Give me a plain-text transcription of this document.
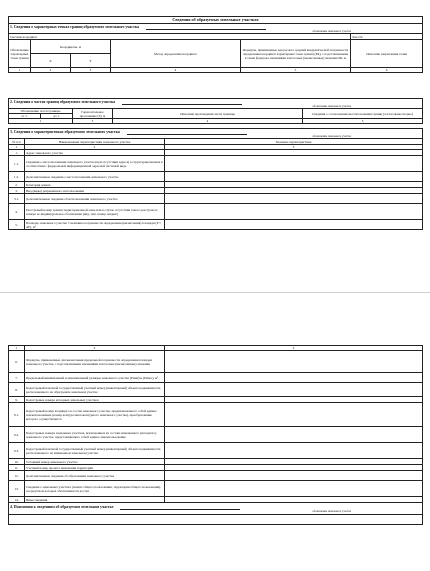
Сведения об образуемых земельных участках					
1. Сведения о характерных точках границ образуемого земельного участка
обозначение земельного участка					

Система координат					Зона №
Обозначение характерных точек границ	Координаты, м		Метод определения координат	Формулы, примененные для расчета средней квадратической погрешности определения координат характерных точек границ (Mt), с подставленными в такие формулы значениями и итоговые (вычисленные) значения Mt, м	Описание закрепления точки
	X	Y			
1	2	3	4	5	6
2. Сведения о частях границ образуемого земельного участка
обозначение земельного участка				

Обозначение части границы		Горизонтальное проложение (S), м	Описание прохождения части границы	Сведения о согласовании местоположения границ (согласовано/спорно)
от т.	до т.			
1		3	4	5
3. Сведения о характеристиках образуемого земельного участка
обозначение земельного участка		

№ п/п	Наименование характеристики земельного участка	Значение характеристики
1	2	3
1.	Адрес земельного участка	
1.1.	Сведения о местоположении земельного участка (при отсутствии адреса) в структурированном в соответствии с федеральной информационной адресной системой виде	
1.2.	Дополнительные сведения о местоположении земельного участка	
2.	Категория земель	
3.	Вид (виды) разрешенного использования	
3.1.	Дополнительные сведения об использовании земельного участка	
4.	Реестровый номер границ территориальной зоны или в случае отсутствия такого реестрового номера ее индивидуальное обозначение (вид, тип, номер, индекс)	
5.	Площадь земельного участка ± величина погрешности определения (вычисления) площади (P ± ΔP), м²	
1	2	3
6.	Формулы, примененные для вычисления предельной погрешности определения площади земельного участка, с подставленными значениями и итоговые (вычисленные) значения	
7.	Предельный минимальный и максимальный размеры земельного участка (Pмин) и (Pмакс), м²	
8.	Кадастровый или иной государственный учетный номер (инвентарный) объекта недвижимости, расположенного на образуемом земельном участке	
9.	Кадастровые номера исходных земельных участков	
9.1.	Кадастровый номер входящего в состав земельного участка, предназначенного собой единое землепользование (номер контура многоконтурного земельного участка), преобразование которого осуществляется	
9.2.	Кадастровые номера земельных участков, исключенных из состава измененного (исходного) земельного участка, представляющего собой единое землепользование	
9.3.	Кадастровый или иной государственный учетный номер (инвентарный) объекта недвижимости, расположенного на измененном земельном участке	
10.	Условный номер земельного участка	
11.	Учетный номер проекта межевания территории	
12.	Дополнительные сведения об образовании земельного участка	
13.	Сведения о земельных участках (землях общего пользования, территории общего пользования), посредством которых обеспечивается доступ	
14.	Иные сведения	
4. Пояснения к сведениям об образуемом земельном участке
обозначение земельного участка		
